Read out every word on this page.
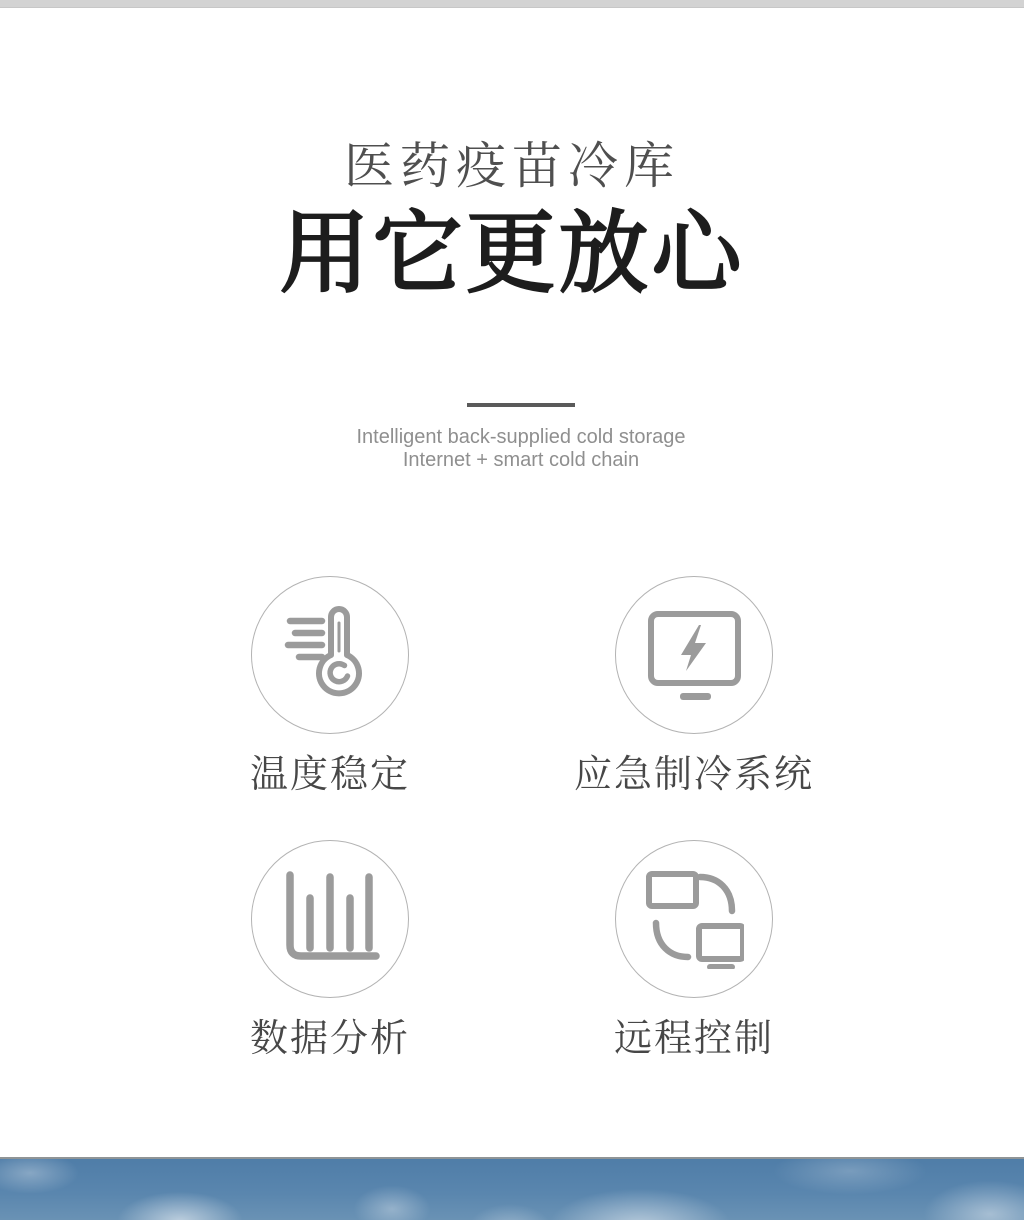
医药疫苗冷库
用它更放心

Intelligent back-supplied cold storage
Internet + smart cold chain

温度稳定	应急制冷系统
数据分析	远程控制
